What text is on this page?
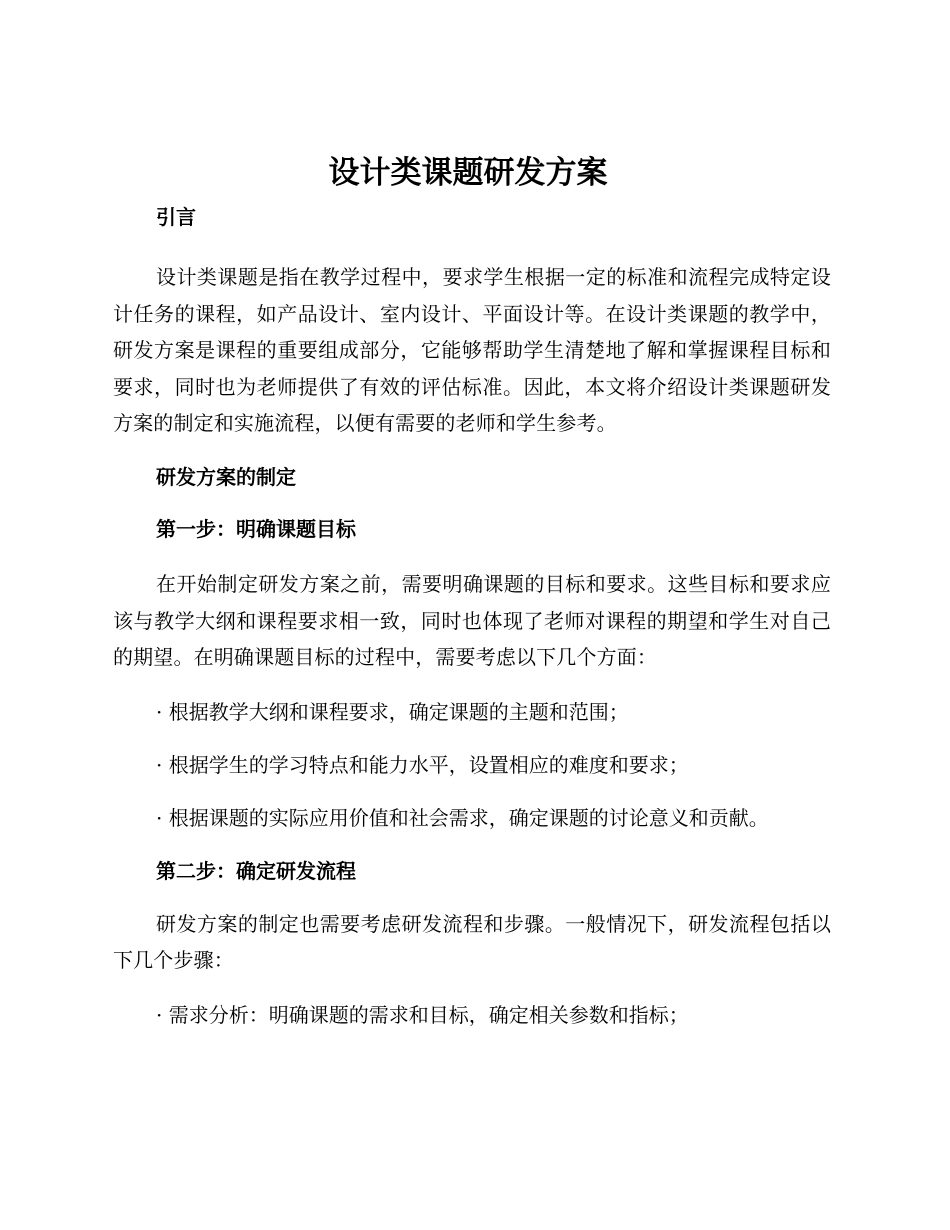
设计类课题研发方案

引言

设计类课题是指在教学过程中，要求学生根据一定的标准和流程完成特定设计任务的课程，如产品设计、室内设计、平面设计等。在设计类课题的教学中，研发方案是课程的重要组成部分，它能够帮助学生清楚地了解和掌握课程目标和要求，同时也为老师提供了有效的评估标准。因此，本文将介绍设计类课题研发方案的制定和实施流程，以便有需要的老师和学生参考。

研发方案的制定

第一步：明确课题目标

在开始制定研发方案之前，需要明确课题的目标和要求。这些目标和要求应该与教学大纲和课程要求相一致，同时也体现了老师对课程的期望和学生对自己的期望。在明确课题目标的过程中，需要考虑以下几个方面：

· 根据教学大纲和课程要求，确定课题的主题和范围；

· 根据学生的学习特点和能力水平，设置相应的难度和要求；

· 根据课题的实际应用价值和社会需求，确定课题的讨论意义和贡献。

第二步：确定研发流程

研发方案的制定也需要考虑研发流程和步骤。一般情况下，研发流程包括以下几个步骤：

· 需求分析：明确课题的需求和目标，确定相关参数和指标；
